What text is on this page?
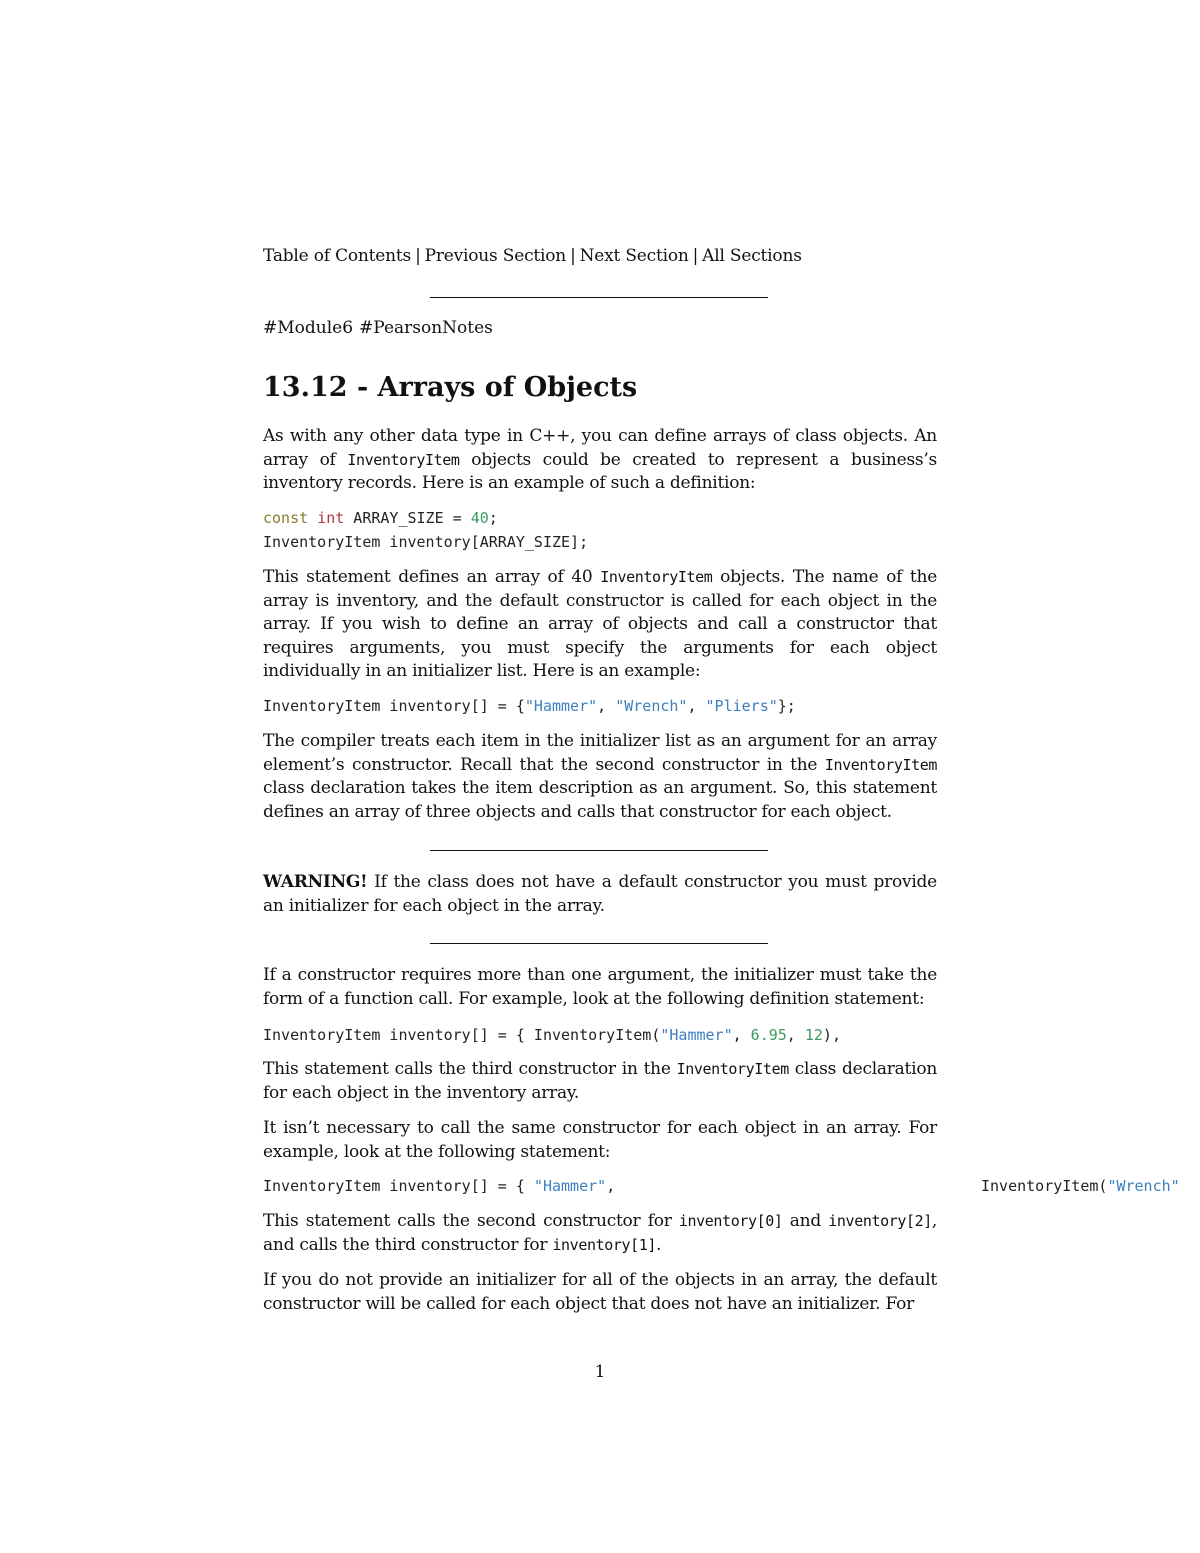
Table of Contents | Previous Section | Next Section | All Sections
#Module6 #PearsonNotes
13.12 - Arrays of Objects
As with any other data type in C++, you can define arrays of class objects. An array of InventoryItem objects could be created to represent a business’s inventory records. Here is an example of such a definition:
const int ARRAY_SIZE = 40;
InventoryItem inventory[ARRAY_SIZE];
This statement defines an array of 40 InventoryItem objects. The name of the array is inventory, and the default constructor is called for each object in the array. If you wish to define an array of objects and call a constructor that requires arguments, you must specify the arguments for each object individually in an initializer list. Here is an example:
InventoryItem inventory[] = {"Hammer", "Wrench", "Pliers"};
The compiler treats each item in the initializer list as an argument for an array element’s constructor. Recall that the second constructor in the InventoryItem class declaration takes the item description as an argument. So, this statement defines an array of three objects and calls that constructor for each object.
WARNING! If the class does not have a default constructor you must provide an initializer for each object in the array.
If a constructor requires more than one argument, the initializer must take the form of a function call. For example, look at the following definition statement:
InventoryItem inventory[] = { InventoryItem("Hammer", 6.95, 12),
This statement calls the third constructor in the InventoryItem class declaration for each object in the inventory array.
It isn’t necessary to call the same constructor for each object in an array. For example, look at the following statement:
InventoryItem inventory[] = { "Hammer",
This statement calls the second constructor for inventory[0] and inventory[2], and calls the third constructor for inventory[1].
If you do not provide an initializer for all of the objects in an array, the default constructor will be called for each object that does not have an initializer. For
InventoryItem("Wrench"
1
